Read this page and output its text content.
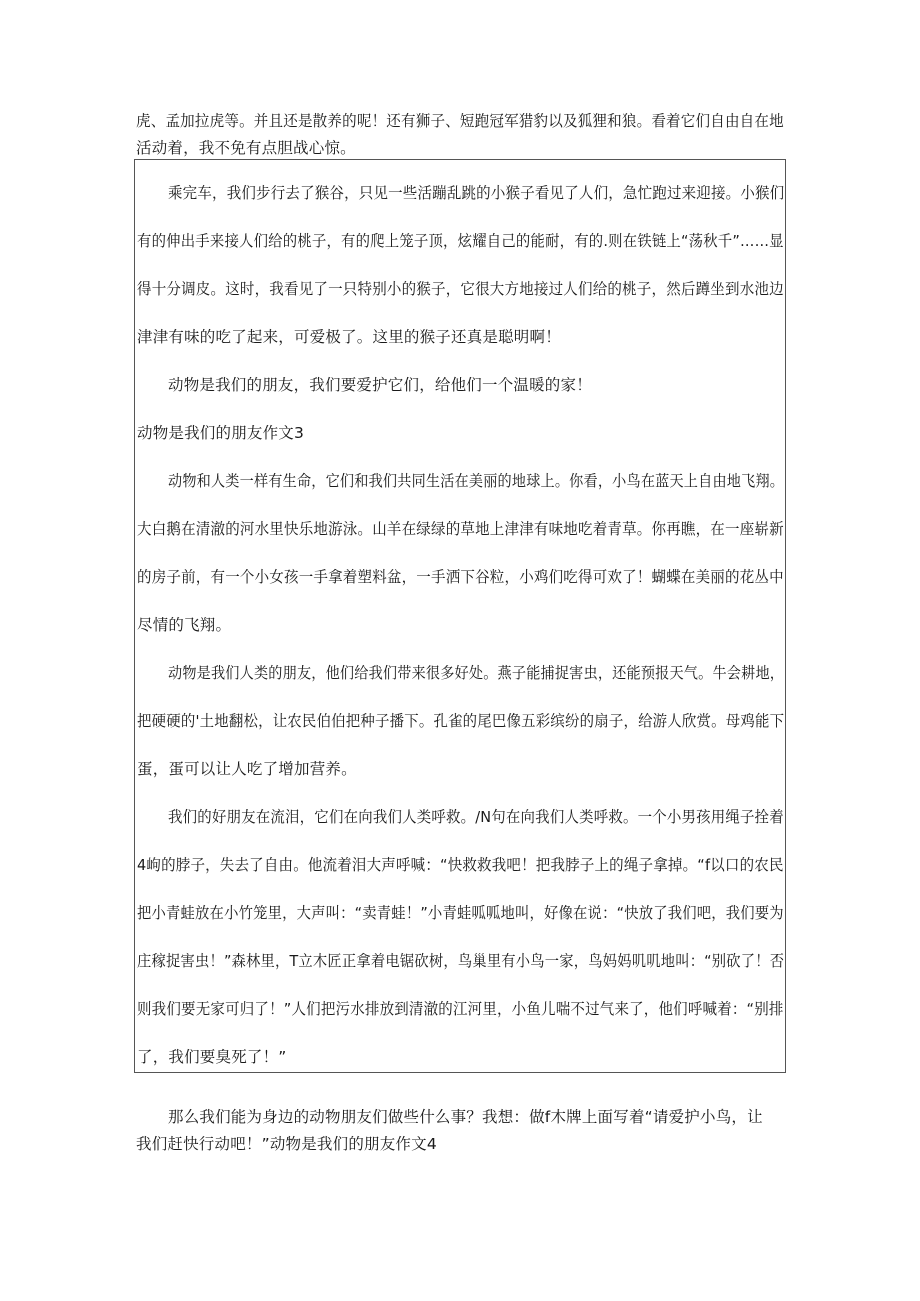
虎、孟加拉虎等。并且还是散养的呢！还有狮子、短跑冠军猎豹以及狐狸和狼。看着它们自由自在地
活动着，我不免有点胆战心惊。
乘完车，我们步行去了猴谷，只见一些活蹦乱跳的小猴子看见了人们，急忙跑过来迎接。小猴们
有的伸出手来接人们给的桃子，有的爬上笼子顶，炫耀自己的能耐，有的.则在铁链上“荡秋千”……显
得十分调皮。这时，我看见了一只特别小的猴子，它很大方地接过人们给的桃子，然后蹲坐到水池边
津津有味的吃了起来，可爱极了。这里的猴子还真是聪明啊！
动物是我们的朋友，我们要爱护它们，给他们一个温暖的家！
动物是我们的朋友作文3
动物和人类一样有生命，它们和我们共同生活在美丽的地球上。你看，小鸟在蓝天上自由地飞翔。
大白鹅在清澈的河水里快乐地游泳。山羊在绿绿的草地上津津有味地吃着青草。你再瞧，在一座崭新
的房子前，有一个小女孩一手拿着塑料盆，一手洒下谷粒，小鸡们吃得可欢了！蝴蝶在美丽的花丛中
尽情的飞翔。
动物是我们人类的朋友，他们给我们带来很多好处。燕子能捕捉害虫，还能预报天气。牛会耕地，
把硬硬的'土地翻松，让农民伯伯把种子播下。孔雀的尾巴像五彩缤纷的扇子，给游人欣赏。母鸡能下
蛋，蛋可以让人吃了增加营养。
我们的好朋友在流泪，它们在向我们人类呼救。/N句在向我们人类呼救。一个小男孩用绳子拴着
4岣的脖子，失去了自由。他流着泪大声呼喊：“快救救我吧！把我脖子上的绳子拿掉。“f以口的农民
把小青蛙放在小竹笼里，大声叫：“卖青蛙！”小青蛙呱呱地叫，好像在说：“快放了我们吧，我们要为
庄稼捉害虫！”森林里，T立木匠正拿着电锯砍树，鸟巢里有小鸟一家，鸟妈妈叽叽地叫：“别砍了！否
则我们要无家可归了！”人们把污水排放到清澈的江河里，小鱼儿喘不过气来了，他们呼喊着：“别排
了，我们要臭死了！”
那么我们能为身边的动物朋友们做些什么事？我想：做f木牌上面写着“请爱护小鸟，让
我们赶快行动吧！”动物是我们的朋友作文4
